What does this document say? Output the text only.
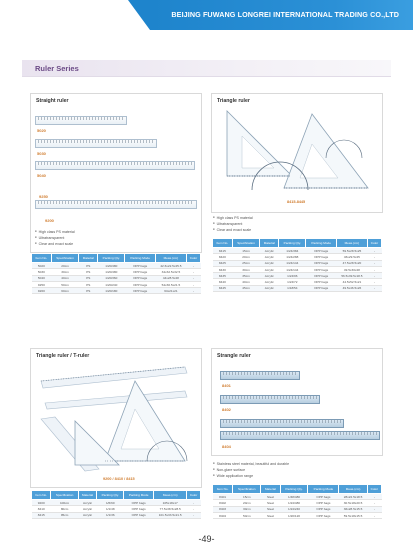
BEIJING FUWANG LONGREI INTERNATIONAL TRADING CO.,LTD
Ruler Series
Straight ruler
5020
5030
5040
9250
9200
■ High class PS material
■ Ultratransparent
■ Clear and exact scale
Item No.	Specification	Material	Packing Qty.	Packing Mode	Meas.(cm)	Color
5020	20cm	PS	1/20/480	OPP bags	42.6x22.5x25.5	-
5030	30cm	PS	1/20/480	OPP bags	34x32.5x32.5	-
5040	40cm	PS	1/20/360	OPP bags	44x28.5x28	-
9250	50cm	PS	1/20/240	OPP bags	54x30.5x21.5	-
9260	60cm	PS	1/20/180	OPP bags	64x21x21	-
Triangle ruler
8415-8445
■ High class PS material
■ Ultratransparent
■ Clear and exact scale
Item No.	Specification	Material	Packing Qty.	Packing Mode	Meas.(cm)	Color
8415	15cm	Acrylic	1/24/384	OPP bags	59.5x28.5x25	-
8420	20cm	Acrylic	1/24/288	OPP bags	46x29.5x25	-
8425	25cm	Acrylic	1/24/144	OPP bags	47.5x28.5x20	-
8430	30cm	Acrylic	1/24/144	OPP bags	49.5x30x28	-
8435	35cm	Acrylic	1/24/96	OPP bags	56.5x39.5x18.5	-
8440	40cm	Acrylic	1/24/72	OPP bags	44.5x52.5x21	-
8445	45cm	Acrylic	1/18/54	OPP bags	49.5x46.5x26	-
Triangle ruler / T-ruler
9200 / 8410 / 8415
Item No.	Specification	Material	Packing Qty.	Packing Mode	Meas.(cm)	Color
9200	100cm	Acrylic	1/6/60	OPP bags	105x18x17	-
8410	80cm	Acrylic	1/1/48	OPP bags	77.5x38.5x28.5	-
8415	95cm	Acrylic	1/1/36	OPP bags	101.5x33.5x21.5	-
Strangle ruler
8401
8402
8404
■ Stainless steel material, beautiful and durable
■ Non-glare surface
■ Wide application range
Item No.	Specification	Material	Packing Qty.	Packing Mode	Meas.(cm)	Color
8401	15cm	Steel	1/48/480	OPP bags	28x22.5x18.5	-
8402	20cm	Steel	1/24/480	OPP bags	30.5x18x20.5	-
8403	30cm	Steel	1/24/240	OPP bags	36x28.5x15.5	-
8404	50cm	Steel	1/20/120	OPP bags	59.5x18x15.5	-
-49-
